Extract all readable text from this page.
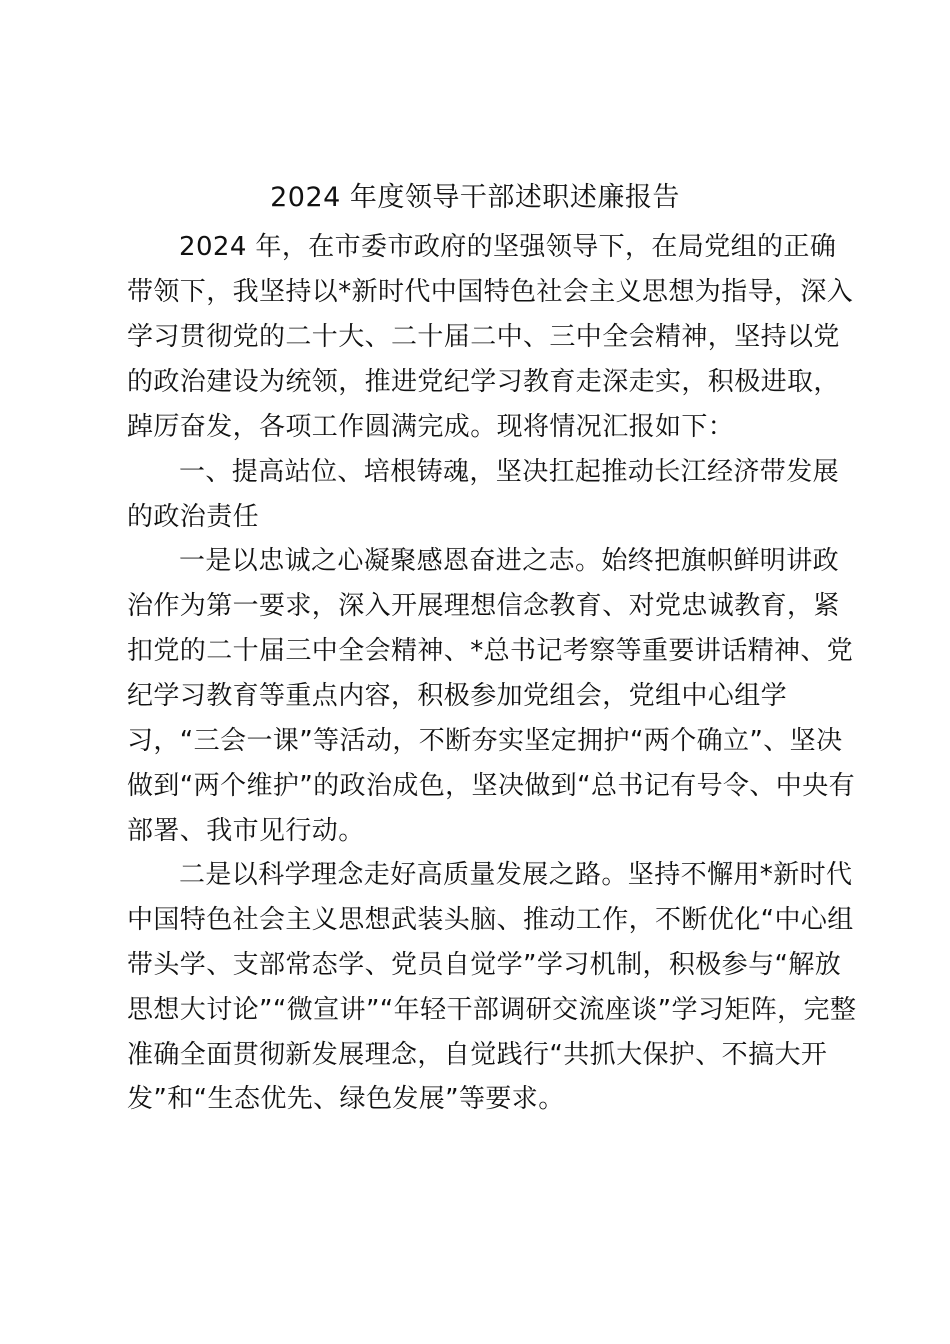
2024 年度领导干部述职述廉报告
2024 年，在市委市政府的坚强领导下，在局党组的正确
带领下，我坚持以*新时代中国特色社会主义思想为指导，深入
学习贯彻党的二十大、二十届二中、三中全会精神，坚持以党
的政治建设为统领，推进党纪学习教育走深走实，积极进取，
踔厉奋发，各项工作圆满完成。现将情况汇报如下：
一、提高站位、培根铸魂，坚决扛起推动长江经济带发展
的政治责任
一是以忠诚之心凝聚感恩奋进之志。始终把旗帜鲜明讲政
治作为第一要求，深入开展理想信念教育、对党忠诚教育，紧
扣党的二十届三中全会精神、*总书记考察等重要讲话精神、党
纪学习教育等重点内容，积极参加党组会，党组中心组学
习，“三会一课”等活动，不断夯实坚定拥护“两个确立”、坚决
做到“两个维护”的政治成色，坚决做到“总书记有号令、中央有
部署、我市见行动。
二是以科学理念走好高质量发展之路。坚持不懈用*新时代
中国特色社会主义思想武装头脑、推动工作，不断优化“中心组
带头学、支部常态学、党员自觉学”学习机制，积极参与“解放
思想大讨论”“微宣讲”“年轻干部调研交流座谈”学习矩阵，完整
准确全面贯彻新发展理念，自觉践行“共抓大保护、不搞大开
发”和“生态优先、绿色发展”等要求。
